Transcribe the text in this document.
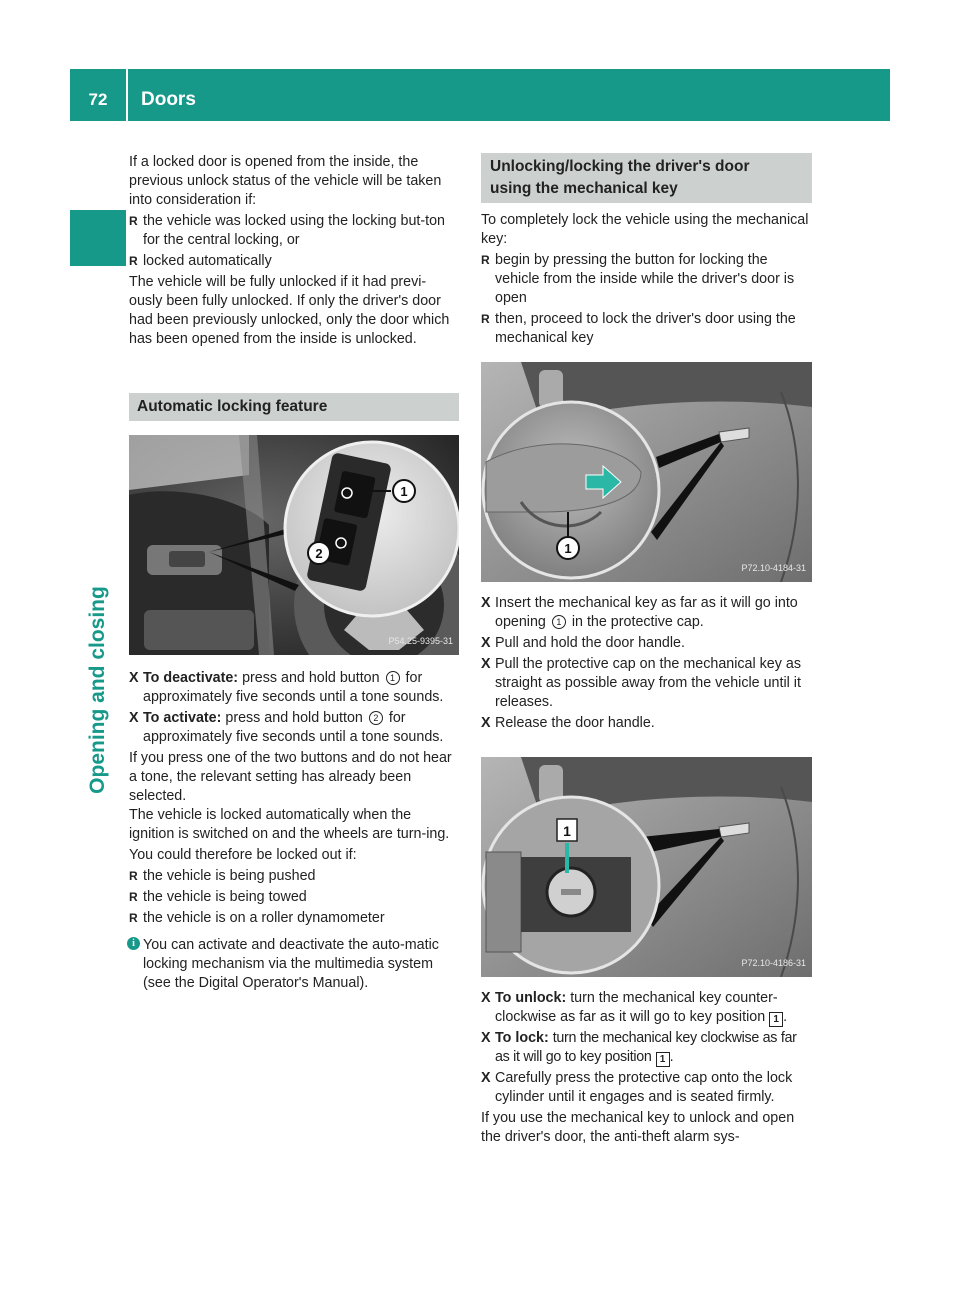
72	Doors
Opening and closing

If a locked door is opened from the inside, the previous unlock status of the vehicle will be taken into consideration if:

R the vehicle was locked using the locking but-ton for the central locking, or
R locked automatically

The vehicle will be fully unlocked if it had previ-ously been fully unlocked. If only the driver's door had been previously unlocked, only the door which has been opened from the inside is unlocked.

Automatic locking feature
1
2
P54.25-9395-31
X To deactivate: press and hold button 1 for approximately five seconds until a tone sounds.
X To activate: press and hold button 2 for approximately five seconds until a tone sounds.

If you press one of the two buttons and do not hear a tone, the relevant setting has already been selected.

The vehicle is locked automatically when the ignition is switched on and the wheels are turn-ing.

You could therefore be locked out if:

R the vehicle is being pushed
R the vehicle is being towed
R the vehicle is on a roller dynamometer
i You can activate and deactivate the auto-matic locking mechanism via the multimedia system (see the Digital Operator's Manual).
Unlocking/locking the driver's door using the mechanical key

To completely lock the vehicle using the mechanical key:

R begin by pressing the button for locking the vehicle from the inside while the driver's door is open
R then, proceed to lock the driver's door using the mechanical key
1
P72.10-4184-31
X Insert the mechanical key as far as it will go into opening 1 in the protective cap.
X Pull and hold the door handle.
X Pull the protective cap on the mechanical key as straight as possible away from the vehicle until it releases.
X Release the door handle.
1
P72.10-4186-31
X To unlock: turn the mechanical key counter-clockwise as far as it will go to key position 1 .
X To lock: turn the mechanical key clockwise as far as it will go to key position 1 .
X Carefully press the protective cap onto the lock cylinder until it engages and is seated firmly.

If you use the mechanical key to unlock and open the driver's door, the anti-theft alarm sys-
